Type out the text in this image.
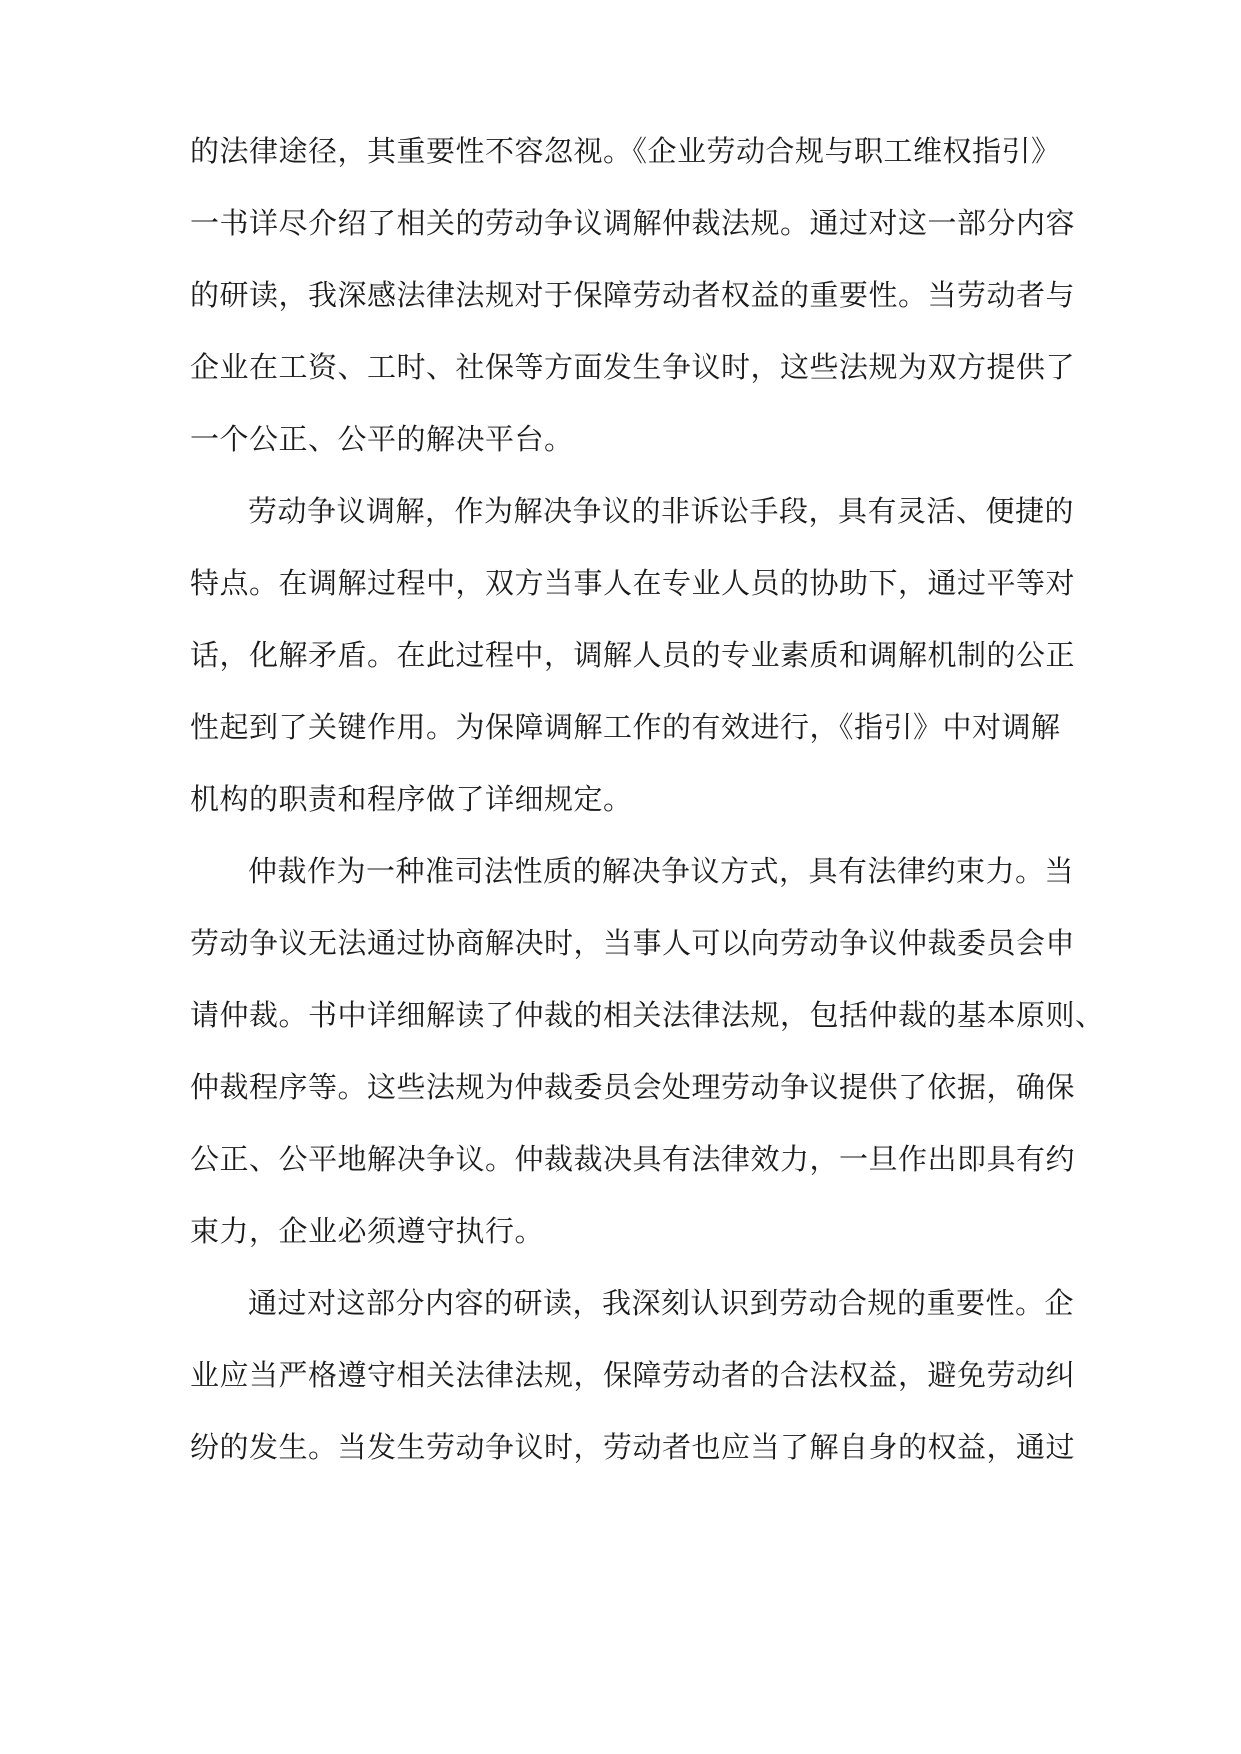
的法律途径，其重要性不容忽视。《企业劳动合规与职工维权指引》
一书详尽介绍了相关的劳动争议调解仲裁法规。通过对这一部分内容
的研读，我深感法律法规对于保障劳动者权益的重要性。当劳动者与
企业在工资、工时、社保等方面发生争议时，这些法规为双方提供了
一个公正、公平的解决平台。
劳动争议调解，作为解决争议的非诉讼手段，具有灵活、便捷的
特点。在调解过程中，双方当事人在专业人员的协助下，通过平等对
话，化解矛盾。在此过程中，调解人员的专业素质和调解机制的公正
性起到了关键作用。为保障调解工作的有效进行，《指引》中对调解
机构的职责和程序做了详细规定。
仲裁作为一种准司法性质的解决争议方式，具有法律约束力。当
劳动争议无法通过协商解决时，当事人可以向劳动争议仲裁委员会申
请仲裁。书中详细解读了仲裁的相关法律法规，包括仲裁的基本原则、
仲裁程序等。这些法规为仲裁委员会处理劳动争议提供了依据，确保
公正、公平地解决争议。仲裁裁决具有法律效力，一旦作出即具有约
束力，企业必须遵守执行。
通过对这部分内容的研读，我深刻认识到劳动合规的重要性。企
业应当严格遵守相关法律法规，保障劳动者的合法权益，避免劳动纠
纷的发生。当发生劳动争议时，劳动者也应当了解自身的权益，通过
